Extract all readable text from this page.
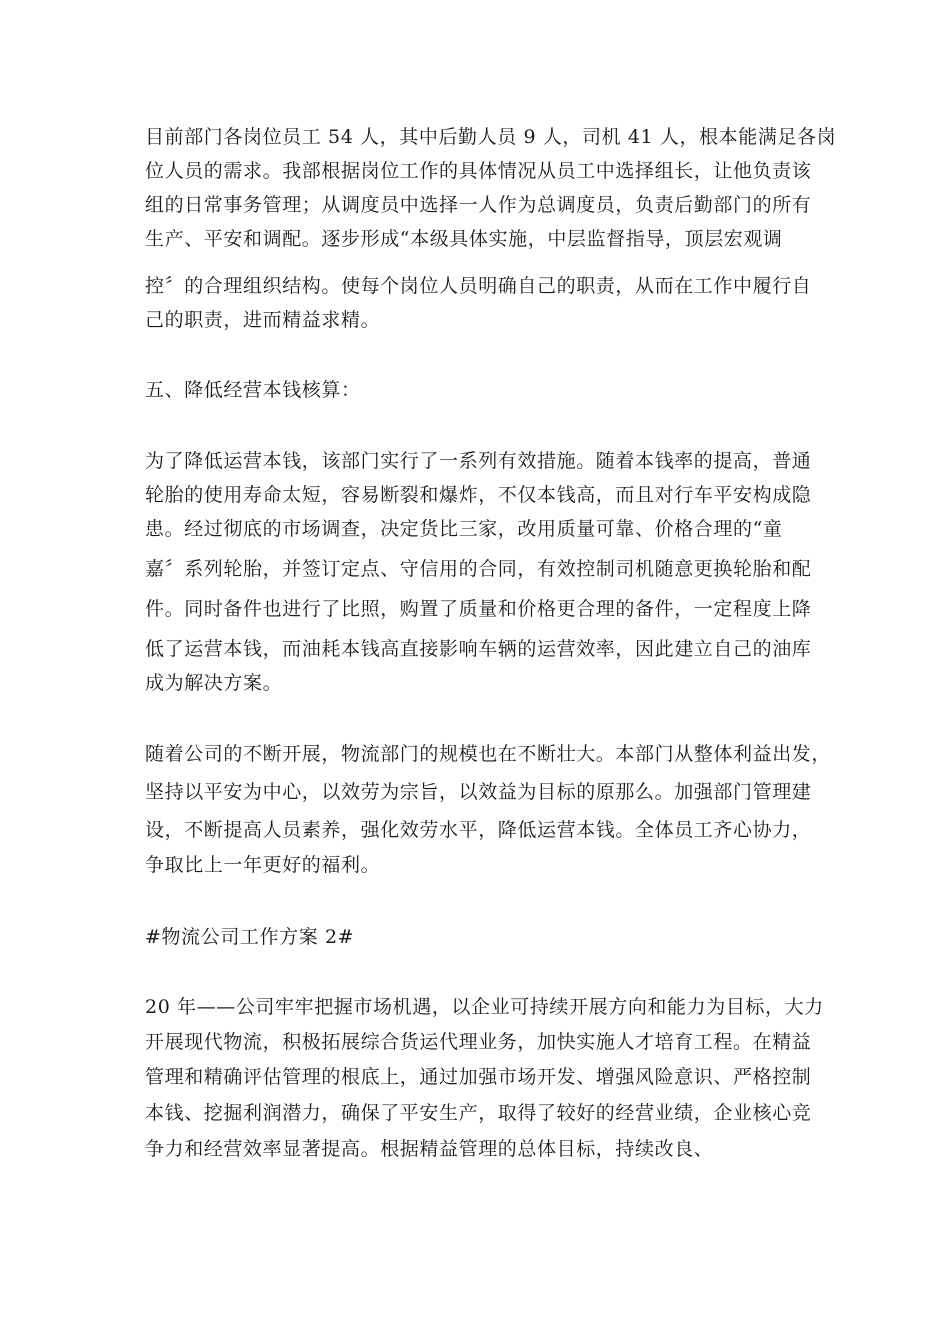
目前部门各岗位员工 54 人，其中后勤人员 9 人，司机 41 人，根本能满足各岗
位人员的需求。我部根据岗位工作的具体情况从员工中选择组长，让他负责该
组的日常事务管理；从调度员中选择一人作为总调度员，负责后勤部门的所有
生产、平安和调配。逐步形成“本级具体实施，中层监督指导，顶层宏观调
控〞的合理组织结构。使每个岗位人员明确自己的职责，从而在工作中履行自
己的职责，进而精益求精。
五、降低经营本钱核算：
为了降低运营本钱，该部门实行了一系列有效措施。随着本钱率的提高，普通
轮胎的使用寿命太短，容易断裂和爆炸，不仅本钱高，而且对行车平安构成隐
患。经过彻底的市场调查，决定货比三家，改用质量可靠、价格合理的“童
嘉〞系列轮胎，并签订定点、守信用的合同，有效控制司机随意更换轮胎和配
件。同时备件也进行了比照，购置了质量和价格更合理的备件，一定程度上降
低了运营本钱，而油耗本钱高直接影响车辆的运营效率，因此建立自己的油库
成为解决方案。
随着公司的不断开展，物流部门的规模也在不断壮大。本部门从整体利益出发，
坚持以平安为中心，以效劳为宗旨，以效益为目标的原那么。加强部门管理建
设，不断提高人员素养，强化效劳水平，降低运营本钱。全体员工齐心协力，
争取比上一年更好的福利。
#物流公司工作方案 2#
20 年——公司牢牢把握市场机遇，以企业可持续开展方向和能力为目标，大力
开展现代物流，积极拓展综合货运代理业务，加快实施人才培育工程。在精益
管理和精确评估管理的根底上，通过加强市场开发、增强风险意识、严格控制
本钱、挖掘利润潜力，确保了平安生产，取得了较好的经营业绩，企业核心竞
争力和经营效率显著提高。根据精益管理的总体目标，持续改良、
